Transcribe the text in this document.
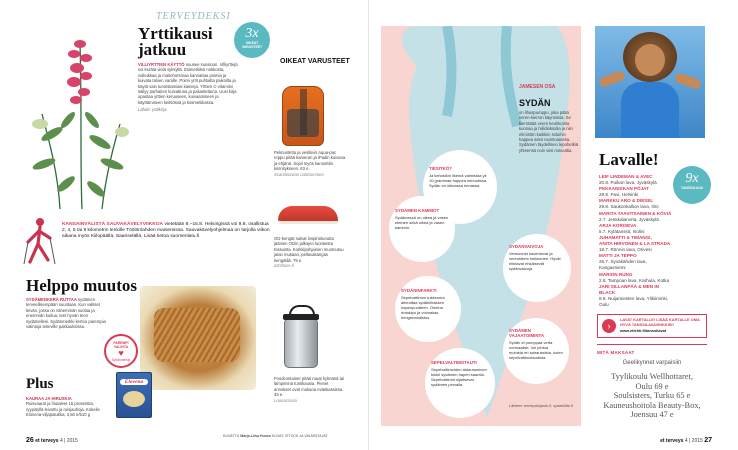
TERVEYDEKSI
Yrttikausi jatkuu
VILLIYRTTIEN KÄYTTÖ nousee suosioon. Villiyrttejä voi kerätä vielä syksyllä. Esimerkiksi nokkosta, voikukkaa ja maitohorsmaa kannattaa poimia ja kuivata talven varalle. Poimi yrtit puhtailta paikoilta ja käytä vain tunnistamiasi kasveja. Yrttien C-vitamiini säilyy parhaiten kuivattuna ja pakastettuna. Uusi kirja opastaa yrttien keruuseen, kuivaamiseen ja käyttämiseen keittiössä ja kosmetiikassa.
Lähde: yrttikirja
KANSAINVÄLISTÄ SAUVAKÄVELYVIIKKOA vietetään 8.–15.8. Helsingissä voi 9.8. osallistua 2, 4, 5 tai 9 kilometrin lenkille Töölönlahden maisemissa. Sauvakävelyohjelmaa on tarjolla viikon aikana myös Kiilopäällä, Saariselällä. Lisää tietoa suomenlatu.fi
Helppo muutos
SYDÄMENKERÄ RUTTAA sydämen terveellisempään suuntaan. Kun valitset leivän, jossa on vähemmän suolaa ja enemmän kuitua, teet hyvän teon sydämellesi. Sydänmerkki kertoo parempia valintoja tekeville pakkauksissa.
PAREMPI VALINTA
♥
Sydänmerkki
Plus
KAURAA JA HIRUSKIA
Ruisvaarat ja hiutaleet 15 prosenttia, ryypiöyllä leivottu ja ruisjauhoja. Kokeile
Elovena-viljapatukka, 3,50 e/510 g
Elovena
3x
OIKEAT VARUSTEET
OIKEAT VARUSTEET
Pelmustettu ja vesitiivis Aqua-pac reppu pitää kameran ja iPadin kuivana ja ehjänä. Sopii myös kanoottiin kiinnitykseen. 63 e.
Scandinavian outdoorstore
Otz-kengät salvat inspiroitunutta jäänien Otzin jalkojen luonteista tossuista. Korkkipohjainen muotoutuu jalan mukaan, pellavakangas kengätilä. 79 e.
otzshoes.fi
Foodcontainer pitää ruuat kylmänä tai lämpiminä tuntikausia. Pienet annokset ovat mukana eväskassissa. 45 e.
Lounasrasia
26 et terveys 4 | 2015
JAMESEN OSA
SYDÄN
on lihaspumppu, joka pitää veren-kierron käynnissä. Se kierrättää veren keuhkoista kuonaa ja hiilidioksidia ja niin elimistön kaikkiin soluihin happea sekä ravintoaineita. Sydämen täydellinen lepohetkiä yhteensä noin viisi minuuttia.
TIESITKÖ?
Ja kehosikin likeinä valmistaa yli 10 grammaa happea minuutissa. Sydän on oikeassa rinnassa.
SYDÄMEN KAMMIOT
Sydämessä on oikea ja vasen eteinen sekä oikea ja vasen kammio.
SYDÄNVAIVOJA
Verisuonet kaventuvat ja verenkierto heikkenee. Hyvät elintavat ehkäisevät sydänvaivoja.
SYDÄNINFARKTI
Sepelvaltimon tukkeuma aiheuttaa sydänlihaksen hapenpuutteen. Oireina rintakipu ja voimakas hengenahdistus.
SYDÄMEN VAJAATOIMINTA
Sydän ei pumppaa verta normaalisti. Voi johtua monista eri sairauksista, kuten sepelvaltimotaudista.
SEPELVALTIMOTAUTI
Sepelvaltimoiden ahtautuminen tukkii sydämen hapen saantia. Sepelvaltimot sijaitsevat sydämen pinnalla.
Lähteet: terveyskirjasto.fi, sydanliitto.fi
Lavalle!
9x
TANSSILAVA
LEIF LINDEMAN & AVEC
20.8. Puikan lava, Jyväskylä
PEKKANISKAN PÖJAT
29.8. Pavi, Helsinki
MARKKU ARO & DIESEL
29.8. Saukonkallion lava, Ilmi
MARITA TAAVITSAINEN & KÖVIÄ
2.7. Jenkkalanvrta, Jyväskylä
ARJA KORISEVA
5.7. Kylätanssit, Isolini
JUHAMATTI & TIMANGI,
ANITA HIRVONEN & LA STRADA
18.7. Rönnin lava, Orivesi
MATTI JA TEPPO
25.7. Syväkähden lava, Kangasniemi
MARION RUNG
2.8. Tampoan lava, Karhula, Kotka
JARI SILLANPÄÄ & MEN IN BLACK
8.8. Nuijamiesten lava, Ylikiiminki, Oulu
›
LAVAT KARTALLE! LISÄÄ KARTALLE OMA HYVÄ TANSSILAVAVINKKISI!
www.etlehti.fi/tanssilavat
MITÄ MAKSAAT
Geelikynnet varpaisiin
Tyylikoulu Wellhottaret,
Oulu 69 e
Soulsisters, Turku 65 e
Kauneushoitola Beauty-Box,
Joensuu 47 e
KUVATTU Marja-Liisa Husso KUVAT: ISTOCK JA VALMISTAJAT
et terveys 4 | 2015 27
